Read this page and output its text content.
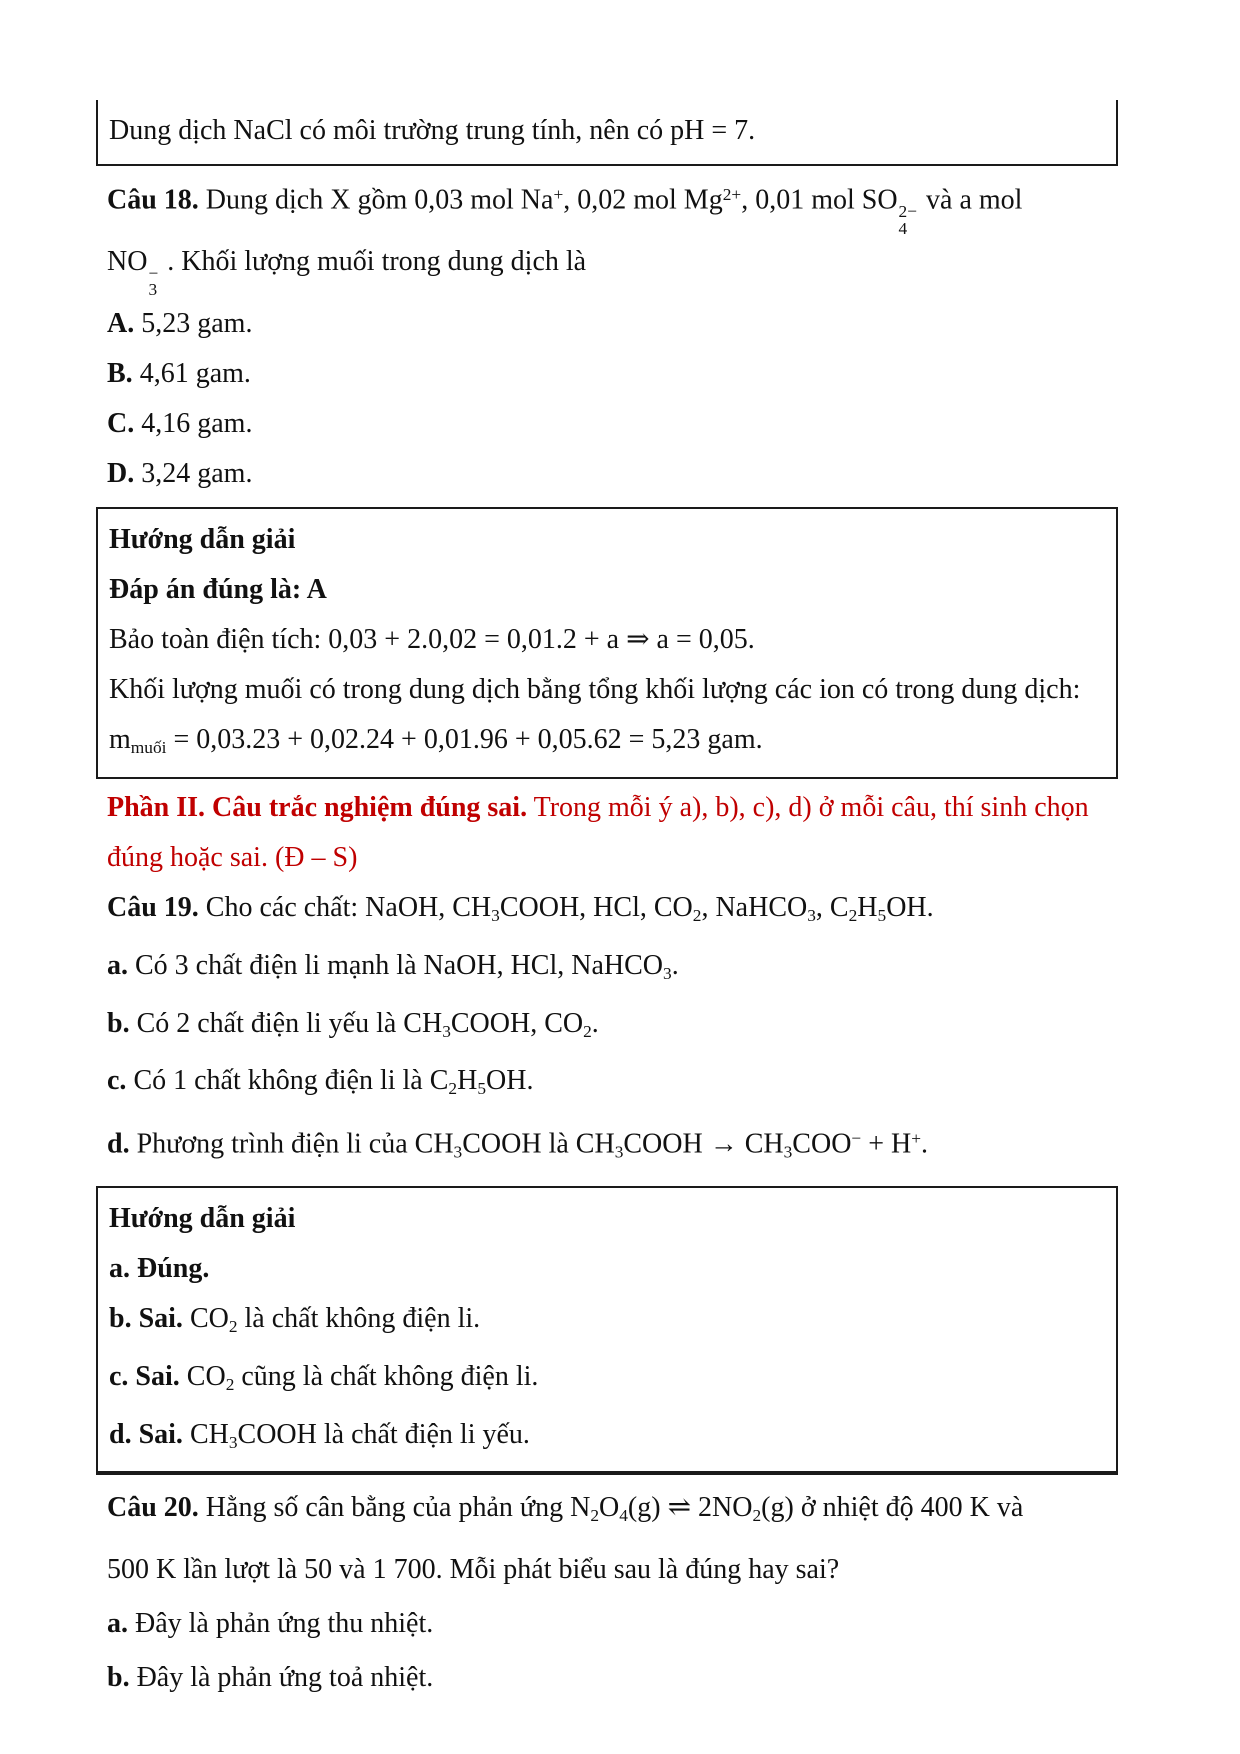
Dung dịch NaCl có môi trường trung tính, nên có pH = 7.
Câu 18. Dung dịch X gồm 0,03 mol Na+, 0,02 mol $Mg^{2+}$, 0,01 mol SO 2−
4
và a mol
NO −
3
. Khối lượng muối trong dung dịch là
A. 5,23 gam.
B. 4,61 gam.
C. 4,16 gam.
D. 3,24 gam.
Hướng dẫn giải
Đáp án đúng là: A
Bảo toàn điện tích: 0,03 + 2.0,02 = 0,01.2 + a ⇒ a = 0,05.
Khối lượng muối có trong dung dịch bằng tổng khối lượng các ion có trong dung dịch:
mmuối = 0,03.23 + 0,02.24 + 0,01.96 + 0,05.62 = 5,23 gam.
Phần II. Câu trắc nghiệm đúng sai. Trong mỗi ý a), b), c), d) ở mỗi câu, thí sinh chọn
đúng hoặc sai. (Đ – S)
Câu 19. Cho các chất: NaOH, CH3COOH, HCl, CO2, NaHCO3, C2H5OH.
a. Có 3 chất điện li mạnh là NaOH, HCl, NaHCO3.
b. Có 2 chất điện li yếu là CH3COOH, CO2.
c. Có 1 chất không điện li là C2H5OH.
d. Phương trình điện li của CH3COOH là CH3COOH → CH3COO− + H+.
Hướng dẫn giải
a. Đúng.
b. Sai. CO2 là chất không điện li.
c. Sai. CO2 cũng là chất không điện li.
d. Sai. CH3COOH là chất điện li yếu.
Câu 20. Hằng số cân bằng của phản ứng N2O4(g) ⇌ 2NO2(g) ở nhiệt độ 400 K và
500 K lần lượt là 50 và 1 700. Mỗi phát biểu sau là đúng hay sai?
a. Đây là phản ứng thu nhiệt.
b. Đây là phản ứng toả nhiệt.
